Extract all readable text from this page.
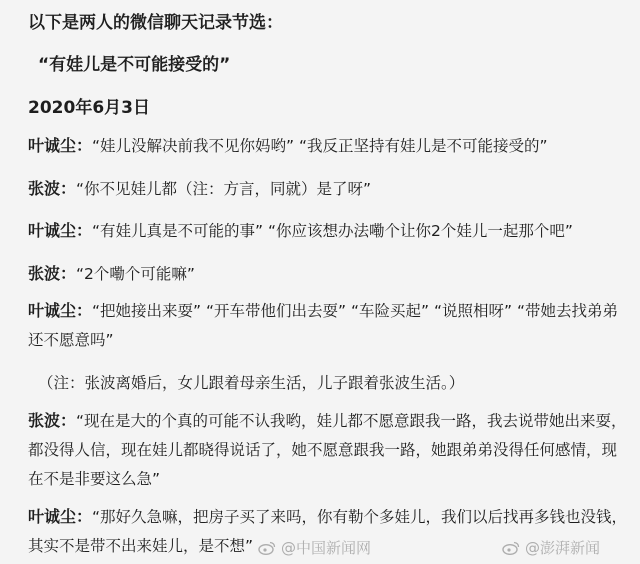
以下是两人的微信聊天记录节选：
“有娃儿是不可能接受的”
2020年6月3日
叶诚尘：“娃儿没解决前我不见你妈哟” “我反正坚持有娃儿是不可能接受的”
张波：“你不见娃儿都（注：方言，同就）是了呀”
叶诚尘：“有娃儿真是不可能的事” “你应该想办法嘞个让你2个娃儿一起那个吧”
张波：“2个嘞个可能嘛”
叶诚尘：“把她接出来耍” “开车带他们出去耍” “车险买起” “说照相呀” “带她去找弟弟还不愿意吗”
（注：张波离婚后，女儿跟着母亲生活，儿子跟着张波生活。）
张波：“现在是大的个真的可能不认我哟，娃儿都不愿意跟我一路，我去说带她出来耍，都没得人信，现在娃儿都晓得说话了，她不愿意跟我一路，她跟弟弟没得任何感情，现在不是非要这么急”
叶诚尘：“那好久急嘛，把房子买了来吗，你有勒个多娃儿，我们以后找再多钱也没钱，其实不是带不出来娃儿，是不想”	@中国新闻网	@澎湃新闻
